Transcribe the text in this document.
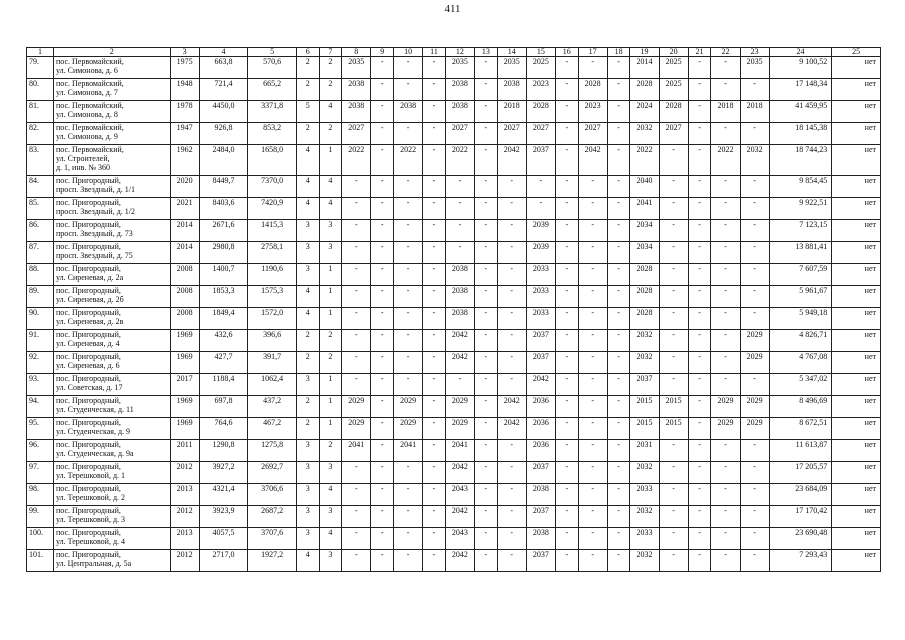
411
1	2	3	4	5	6	7	8	9	10	11	12	13	14	15	16	17	18	19	20	21	22	23	24	25
79.	пос. Первомайский,
ул. Симонова, д. 6	1975	663,8	570,6	2	2	2035	-	-	-	2035	-	2035	2025	-	-	-	2014	2025	-	-	2035	9 100,52	нет
80.	пос. Первомайский,
ул. Симонова, д. 7	1948	721,4	665,2	2	2	2038	-	-	-	2038	-	2038	2023	-	2028	-	2028	2025	-	-	-	17 148,34	нет
81.	пос. Первомайский,
ул. Симонова, д. 8	1978	4450,0	3371,8	5	4	2038	-	2038	-	2038	-	2018	2028	-	2023	-	2024	2028	-	2018	2018	41 459,95	нет
82.	пос. Первомайский,
ул. Симонова, д. 9	1947	926,8	853,2	2	2	2027	-	-	-	2027	-	2027	2027	-	2027	-	2032	2027	-	-	-	18 145,38	нет
83.	пос. Первомайский,
ул. Строителей,
д. 1, инв. № 360	1962	2484,0	1658,0	4	1	2022	-	2022	-	2022	-	2042	2037	-	2042	-	2022	-	-	2022	2032	18 744,23	нет
84.	пос. Пригородный,
просп. Звездный, д. 1/1	2020	8449,7	7370,0	4	4	-	-	-	-	-	-	-	-	-	-	-	2040	-	-	-	-	9 854,45	нет
85.	пос. Пригородный,
просп. Звездный, д. 1/2	2021	8403,6	7420,9	4	4	-	-	-	-	-	-	-	-	-	-	-	2041	-	-	-	-	9 922,51	нет
86.	пос. Пригородный,
просп. Звездный, д. 73	2014	2671,6	1415,3	3	3	-	-	-	-	-	-	-	2039	-	-	-	2034	-	-	-	-	7 123,15	нет
87.	пос. Пригородный,
просп. Звездный, д. 75	2014	2980,8	2758,1	3	3	-	-	-	-	-	-	-	2039	-	-	-	2034	-	-	-	-	13 881,41	нет
88.	пос. Пригородный,
ул. Сиреневая, д. 2а	2008	1400,7	1190,6	3	1	-	-	-	-	2038	-	-	2033	-	-	-	2028	-	-	-	-	7 607,59	нет
89.	пос. Пригородный,
ул. Сиреневая, д. 2б	2008	1853,3	1575,3	4	1	-	-	-	-	2038	-	-	2033	-	-	-	2028	-	-	-	-	5 961,67	нет
90.	пос. Пригородный,
ул. Сиреневая, д. 2в	2008	1849,4	1572,0	4	1	-	-	-	-	2038	-	-	2033	-	-	-	2028	-	-	-	-	5 949,18	нет
91.	пос. Пригородный,
ул. Сиреневая, д. 4	1969	432,6	396,6	2	2	-	-	-	-	2042	-	-	2037	-	-	-	2032	-	-	-	2029	4 826,71	нет
92.	пос. Пригородный,
ул. Сиреневая, д. 6	1969	427,7	391,7	2	2	-	-	-	-	2042	-	-	2037	-	-	-	2032	-	-	-	2029	4 767,08	нет
93.	пос. Пригородный,
ул. Советская, д. 17	2017	1188,4	1062,4	3	1	-	-	-	-	-	-	-	2042	-	-	-	2037	-	-	-	-	5 347,02	нет
94.	пос. Пригородный,
ул. Студенческая, д. 11	1969	697,8	437,2	2	1	2029	-	2029	-	2029	-	2042	2036	-	-	-	2015	2015	-	2029	2029	8 496,69	нет
95.	пос. Пригородный,
ул. Студенческая, д. 9	1969	764,6	467,2	2	1	2029	-	2029	-	2029	-	2042	2036	-	-	-	2015	2015	-	2029	2029	8 672,51	нет
96.	пос. Пригородный,
ул. Студенческая, д. 9а	2011	1290,8	1275,8	3	2	2041	-	2041	-	2041	-	-	2036	-	-	-	2031	-	-	-	-	11 613,87	нет
97.	пос. Пригородный,
ул. Терешковой, д. 1	2012	3927,2	2692,7	3	3	-	-	-	-	2042	-	-	2037	-	-	-	2032	-	-	-	-	17 205,57	нет
98.	пос. Пригородный,
ул. Терешковой, д. 2	2013	4321,4	3706,6	3	4	-	-	-	-	2043	-	-	2038	-	-	-	2033	-	-	-	-	23 684,09	нет
99.	пос. Пригородный,
ул. Терешковой, д. 3	2012	3923,9	2687,2	3	3	-	-	-	-	2042	-	-	2037	-	-	-	2032	-	-	-	-	17 170,42	нет
100.	пос. Пригородный,
ул. Терешковой, д. 4	2013	4057,5	3707,6	3	4	-	-	-	-	2043	-	-	2038	-	-	-	2033	-	-	-	-	23 690,48	нет
101.	пос. Пригородный,
ул. Центральная, д. 5а	2012	2717,0	1927,2	4	3	-	-	-	-	2042	-	-	2037	-	-	-	2032	-	-	-	-	7 293,43	нет
